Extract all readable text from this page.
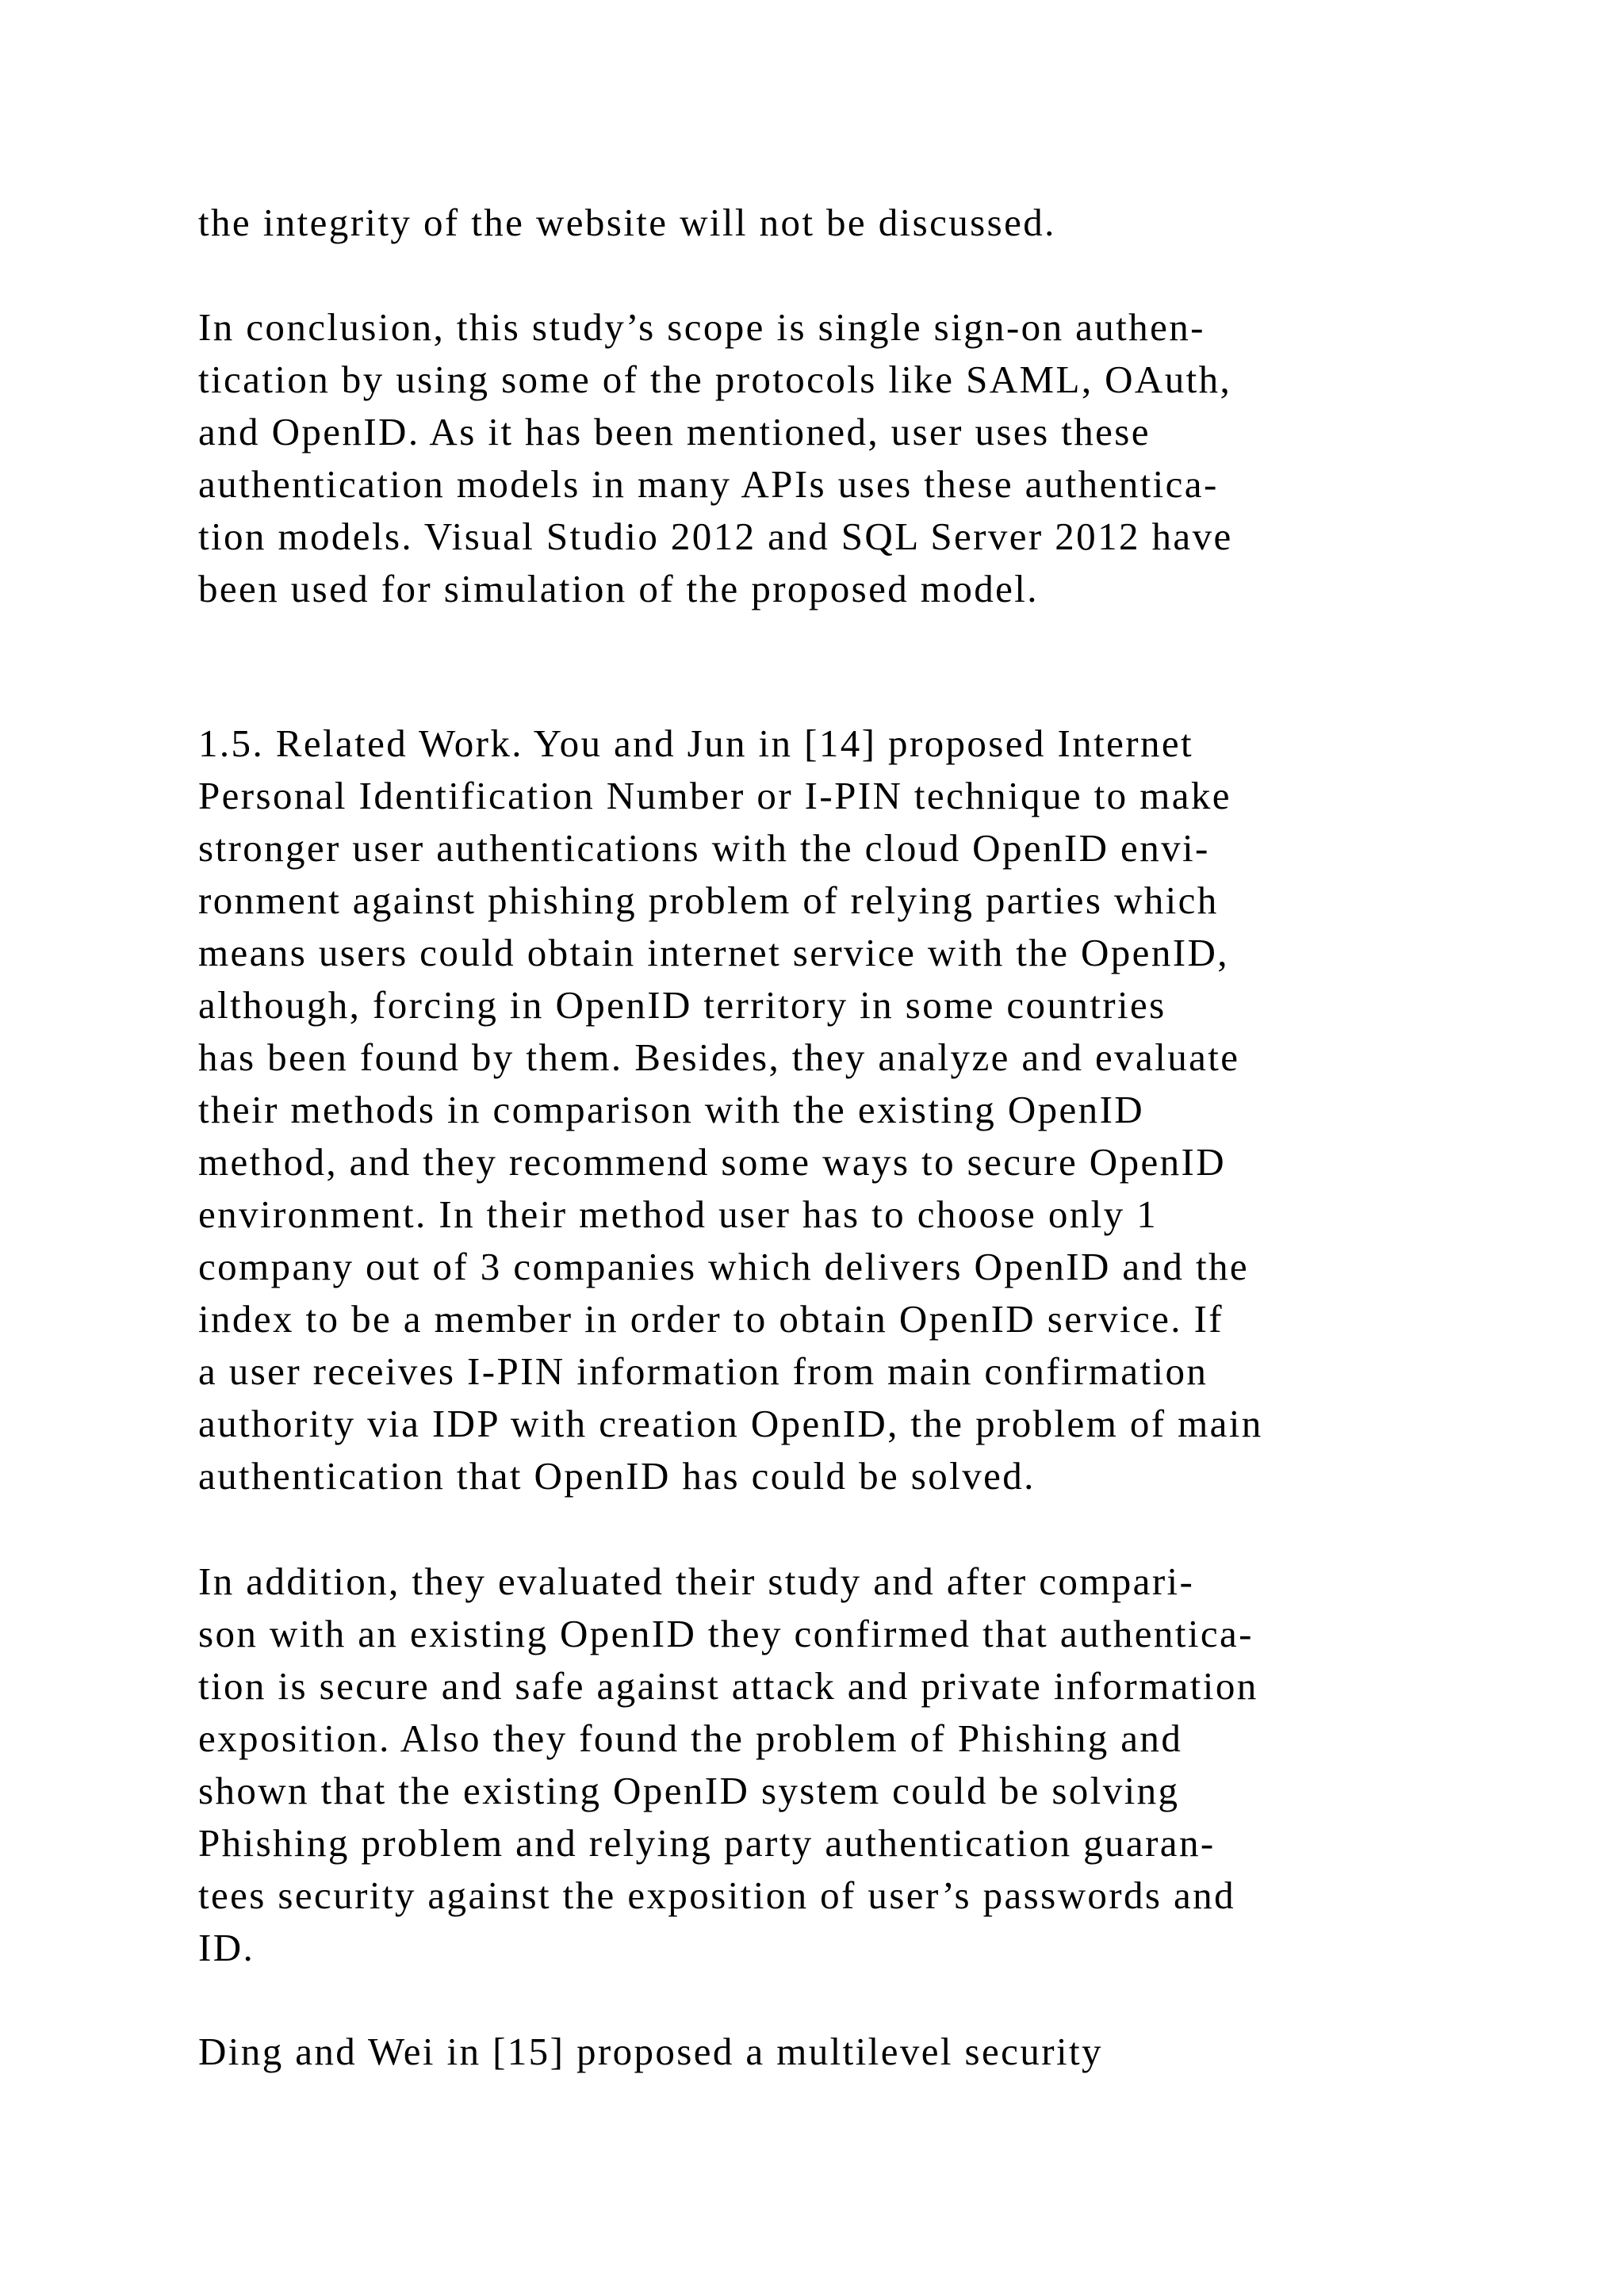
the integrity of the website will not be discussed.
In conclusion, this study’s scope is single sign-on authen-
tication by using some of the protocols like SAML, OAuth,
and OpenID. As it has been mentioned, user uses these
authentication models in many APIs uses these authentica-
tion models. Visual Studio 2012 and SQL Server 2012 have
been used for simulation of the proposed model.
1.5. Related Work. You and Jun in [14] proposed Internet
Personal Identification Number or I-PIN technique to make
stronger user authentications with the cloud OpenID envi-
ronment against phishing problem of relying parties which
means users could obtain internet service with the OpenID,
although, forcing in OpenID territory in some countries
has been found by them. Besides, they analyze and evaluate
their methods in comparison with the existing OpenID
method, and they recommend some ways to secure OpenID
environment. In their method user has to choose only 1
company out of 3 companies which delivers OpenID and the
index to be a member in order to obtain OpenID service. If
a user receives I-PIN information from main confirmation
authority via IDP with creation OpenID, the problem of main
authentication that OpenID has could be solved.
In addition, they evaluated their study and after compari-
son with an existing OpenID they confirmed that authentica-
tion is secure and safe against attack and private information
exposition. Also they found the problem of Phishing and
shown that the existing OpenID system could be solving
Phishing problem and relying party authentication guaran-
tees security against the exposition of user’s passwords and
ID.
Ding and Wei in [15] proposed a multilevel security
